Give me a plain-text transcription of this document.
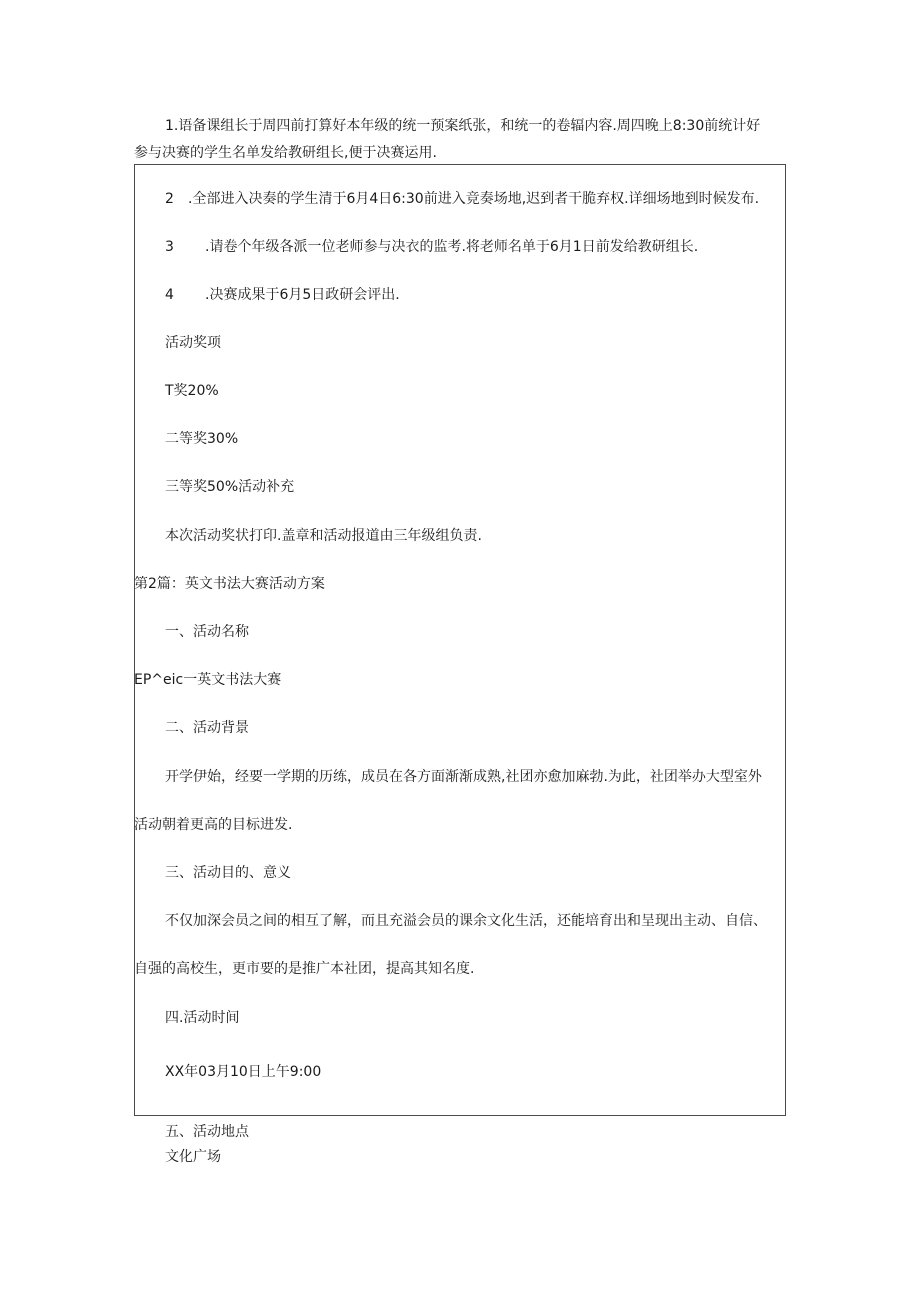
1.语备课组长于周四前打算好本年级的统一预案纸张，和统一的卷辐内容.周四晚上8:30前统计好
参与决赛的学生名单发给教研组长,便于决赛运用.
2 .全部进入决奏的学生清于6月4日6:30前进入竞奏场地,迟到者干脆弃权.详细场地到时候发布.
3 .请卷个年级各派一位老师参与决衣的监考.将老师名单于6月1日前发给教研组长.
4 .决赛成果于6月5日政研会评出.
活动奖项
T奖20%
二等奖30%
三等奖50%活动补充
本次活动奖状打印.盖章和活动报道由三年级组负责.
第2篇：英文书法大赛活动方案
一、活动名称
EP^eic一英文书法大赛
二、活动背景
开学伊始，经要一学期的历练，成员在各方面渐渐成熟,社团亦愈加麻勃.为此，社团举办大型室外
活动朝着更高的目标进发.
三、活动目的、意义
不仅加深会员之间的相互了解，而且充溢会员的课余文化生活，还能培育出和呈现出主动、自信、
自强的高校生，更市要的是推广本社团，提高其知名度.
四.活动时间
XX年03月10日上午9:00
五、活动地点
文化广场
